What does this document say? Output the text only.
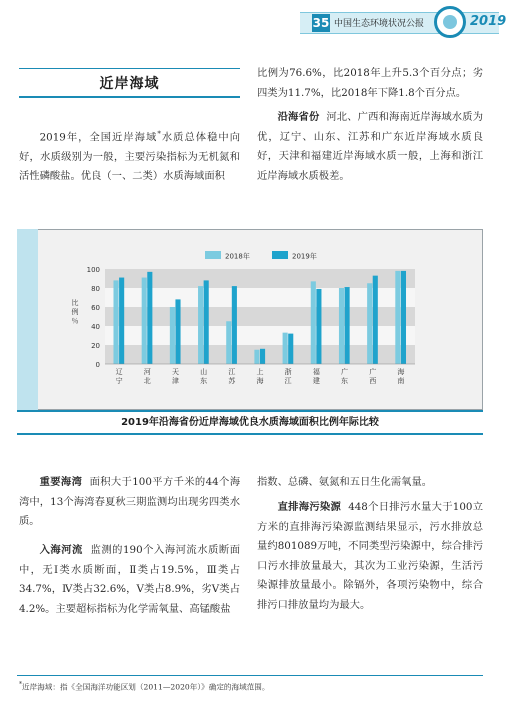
35 中国生态环境状况公报	2019
近岸海域
2019年，全国近岸海域*水质总体稳中向好，水质级别为一般，主要污染指标为无机氮和活性磷酸盐。优良（一、二类）水质海域面积
比例为76.6%，比2018年上升5.3个百分点；劣四类为11.7%，比2018年下降1.8个百分点。
沿海省份 河北、广西和海南近岸海域水质为优，辽宁、山东、江苏和广东近岸海域水质良好，天津和福建近岸海域水质一般，上海和浙江近岸海域水质极差。
0
20
40
60
80
100
比
例
％
辽
宁
河
北
天
津
山
东
江
苏
上
海
浙
江
福
建
广
东
广
西
海
南
2018年	2019年
2019年沿海省份近岸海域优良水质海域面积比例年际比较
重要海湾 面积大于100平方千米的44个海湾中，13个海湾春夏秋三期监测均出现劣四类水质。
入海河流 监测的190个入海河流水质断面中，无Ⅰ类水质断面，Ⅱ类占19.5%，Ⅲ类占34.7%，Ⅳ类占32.6%，Ⅴ类占8.9%，劣Ⅴ类占4.2%。主要超标指标为化学需氧量、高锰酸盐
指数、总磷、氨氮和五日生化需氧量。
直排海污染源 448个日排污水量大于100立方米的直排海污染源监测结果显示，污水排放总量约801089万吨，不同类型污染源中，综合排污口污水排放量最大，其次为工业污染源，生活污染源排放量最小。除镉外，各项污染物中，综合排污口排放量均为最大。
*近岸海域：指《全国海洋功能区划（2011—2020年）》确定的海域范围。
